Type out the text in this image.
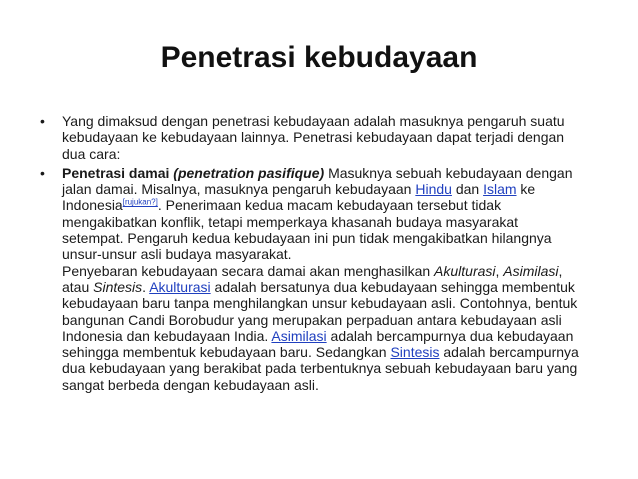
Penetrasi kebudayaan
• Yang dimaksud dengan penetrasi kebudayaan adalah masuknya pengaruh suatu
kebudayaan ke kebudayaan lainnya. Penetrasi kebudayaan dapat terjadi dengan
dua cara:
• Penetrasi damai (penetration pasifique) Masuknya sebuah kebudayaan dengan
jalan damai. Misalnya, masuknya pengaruh kebudayaan Hindu dan Islam ke
Indonesia[rujukan?]. Penerimaan kedua macam kebudayaan tersebut tidak
mengakibatkan konflik, tetapi memperkaya khasanah budaya masyarakat
setempat. Pengaruh kedua kebudayaan ini pun tidak mengakibatkan hilangnya
unsur-unsur asli budaya masyarakat.
Penyebaran kebudayaan secara damai akan menghasilkan Akulturasi, Asimilasi,
atau Sintesis. Akulturasi adalah bersatunya dua kebudayaan sehingga membentuk
kebudayaan baru tanpa menghilangkan unsur kebudayaan asli. Contohnya, bentuk
bangunan Candi Borobudur yang merupakan perpaduan antara kebudayaan asli
Indonesia dan kebudayaan India. Asimilasi adalah bercampurnya dua kebudayaan
sehingga membentuk kebudayaan baru. Sedangkan Sintesis adalah bercampurnya
dua kebudayaan yang berakibat pada terbentuknya sebuah kebudayaan baru yang
sangat berbeda dengan kebudayaan asli.
